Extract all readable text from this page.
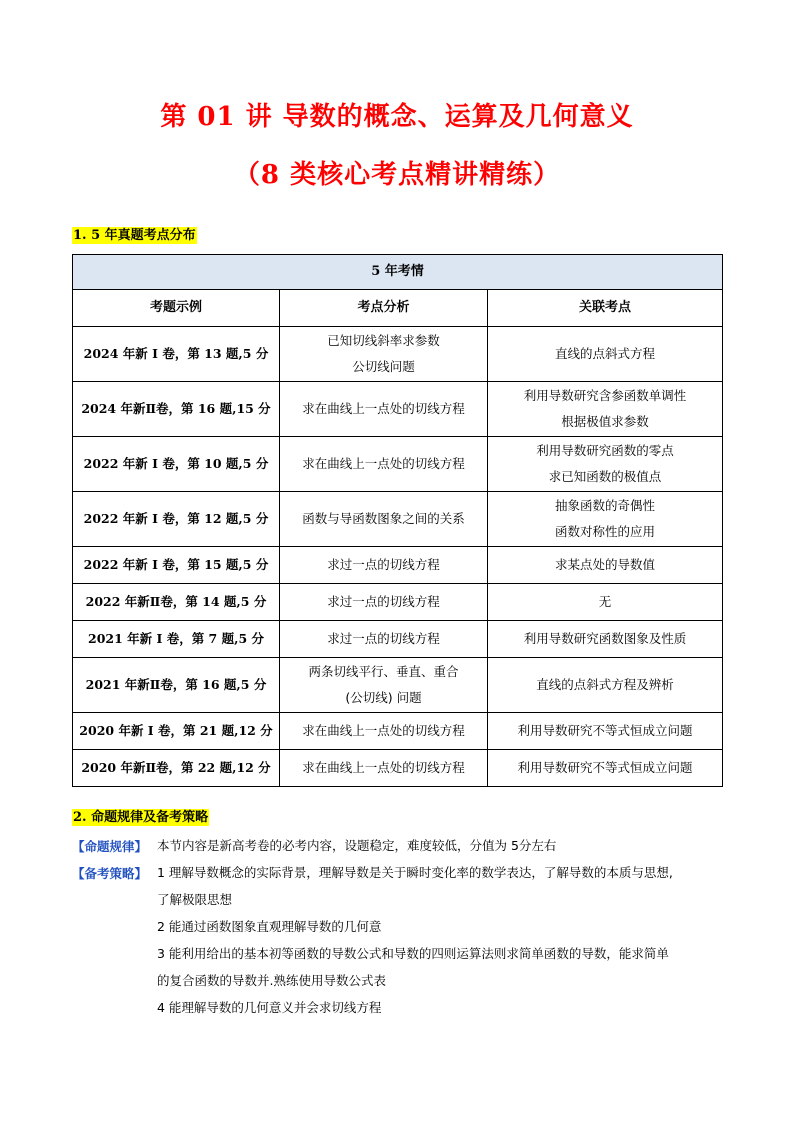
第 01 讲 导数的概念、运算及几何意义
（8 类核心考点精讲精练）
1. 5 年真题考点分布
5 年考情		
考题示例	考点分析	关联考点
2024 年新 I 卷，第 13 题,5 分	已知切线斜率求参数
公切线问题	直线的点斜式方程

2024 年新Ⅱ卷，第 16 题,15 分	求在曲线上一点处的切线方程	利用导数研究含参函数单调性
根据极值求参数

2022 年新 I 卷，第 10 题,5 分	求在曲线上一点处的切线方程	利用导数研究函数的零点
求已知函数的极值点

2022 年新 I 卷，第 12 题,5 分	函数与导函数图象之间的关系	抽象函数的奇偶性
函数对称性的应用

2022 年新 I 卷，第 15 题,5 分	求过一点的切线方程	求某点处的导数值

2022 年新Ⅱ卷，第 14 题,5 分	求过一点的切线方程	无

2021 年新 I 卷，第 7 题,5 分	求过一点的切线方程	利用导数研究函数图象及性质

2021 年新Ⅱ卷，第 16 题,5 分	两条切线平行、垂直、重合
(公切线) 问题	直线的点斜式方程及辨析

2020 年新 I 卷，第 21 题,12 分	求在曲线上一点处的切线方程	利用导数研究不等式恒成立问题

2020 年新Ⅱ卷，第 22 题,12 分	求在曲线上一点处的切线方程	利用导数研究不等式恒成立问题
2. 命题规律及备考策略
【命题规律】 本节内容是新高考卷的必考内容，设题稳定，难度较低，分值为 5分左右
【备考策略】 1 理解导数概念的实际背景，理解导数是关于瞬时变化率的数学表达，了解导数的本质与思想,
了解极限思想
2 能通过函数图象直观理解导数的几何意
3 能利用给出的基本初等函数的导数公式和导数的四则运算法则求简单函数的导数，能求简单
的复合函数的导数并.熟练使用导数公式表
4 能理解导数的几何意义并会求切线方程
